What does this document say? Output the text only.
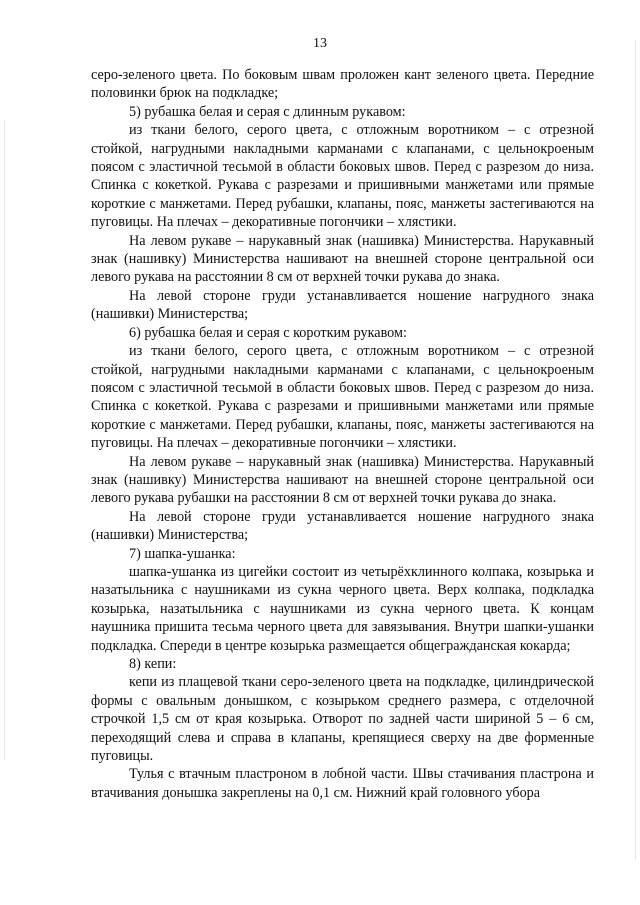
13

серо-зеленого цвета. По боковым швам проложен кант зеленого цвета. Передние половинки брюк на подкладке;

5) рубашка белая и серая с длинным рукавом:

из ткани белого, серого цвета, с отложным воротником – с отрезной стойкой, нагрудными накладными карманами с клапанами, с цельнокроеным поясом с эластичной тесьмой в области боковых швов. Перед с разрезом до низа. Спинка с кокеткой. Рукава с разрезами и пришивными манжетами или прямые короткие с манжетами. Перед рубашки, клапаны, пояс, манжеты застегиваются на пуговицы. На плечах – декоративные погончики – хлястики.

На левом рукаве – нарукавный знак (нашивка) Министерства. Нарукавный знак (нашивку) Министерства нашивают на внешней стороне центральной оси левого рукава на расстоянии 8 см от верхней точки рукава до знака.

На левой стороне груди устанавливается ношение нагрудного знака (нашивки) Министерства;

6) рубашка белая и серая с коротким рукавом:

из ткани белого, серого цвета, с отложным воротником – с отрезной стойкой, нагрудными накладными карманами с клапанами, с цельнокроеным поясом с эластичной тесьмой в области боковых швов. Перед с разрезом до низа. Спинка с кокеткой. Рукава с разрезами и пришивными манжетами или прямые короткие с манжетами. Перед рубашки, клапаны, пояс, манжеты застегиваются на пуговицы. На плечах – декоративные погончики – хлястики.

На левом рукаве – нарукавный знак (нашивка) Министерства. Нарукавный знак (нашивку) Министерства нашивают на внешней стороне центральной оси левого рукава рубашки на расстоянии 8 см от верхней точки рукава до знака.

На левой стороне груди устанавливается ношение нагрудного знака (нашивки) Министерства;

7) шапка-ушанка:

шапка-ушанка из цигейки состоит из четырёхклинного колпака, козырька и назатыльника с наушниками из сукна черного цвета. Верх колпака, подкладка козырька, назатыльника с наушниками из сукна черного цвета. К концам наушника пришита тесьма черного цвета для завязывания. Внутри шапки-ушанки подкладка. Спереди в центре козырька размещается общегражданская кокарда;

8) кепи:

кепи из плащевой ткани серо-зеленого цвета на подкладке, цилиндрической формы с овальным донышком, с козырьком среднего размера, с отделочной строчкой 1,5 см от края козырька. Отворот по задней части шириной 5 – 6 см, переходящий слева и справа в клапаны, крепящиеся сверху на две форменные пуговицы.

Тулья с втачным пластроном в лобной части. Швы стачивания пластрона и втачивания донышка закреплены на 0,1 см. Нижний край головного убора
